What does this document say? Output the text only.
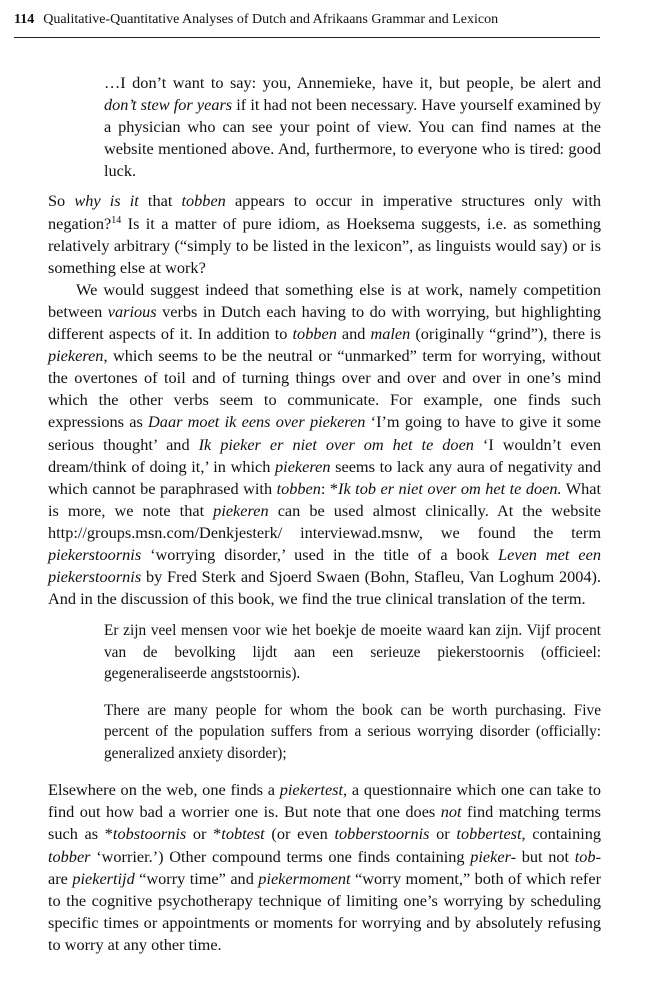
114 Qualitative-Quantitative Analyses of Dutch and Afrikaans Grammar and Lexicon

…I don’t want to say: you, Annemieke, have it, but people, be alert and don’t stew for years if it had not been necessary. Have yourself examined by a physician who can see your point of view. You can find names at the website mentioned above. And, furthermore, to everyone who is tired: good luck.

So why is it that tobben appears to occur in imperative structures only with negation?$^{14}$ Is it a matter of pure idiom, as Hoeksema suggests, i.e. as something relatively arbitrary (“simply to be listed in the lexicon”, as linguists would say) or is something else at work?

We would suggest indeed that something else is at work, namely competition between various verbs in Dutch each having to do with worrying, but highlighting different aspects of it. In addition to tobben and malen (originally “grind”), there is piekeren, which seems to be the neutral or “unmarked” term for worrying, without the overtones of toil and of turning things over and over and over in one’s mind which the other verbs seem to communicate. For example, one finds such expressions as Daar moet ik eens over piekeren ‘I’m going to have to give it some serious thought’ and Ik pieker er niet over om het te doen ‘I wouldn’t even dream/think of doing it,’ in which piekeren seems to lack any aura of negativity and which cannot be paraphrased with tobben: *Ik tob er niet over om het te doen. What is more, we note that piekeren can be used almost clinically. At the website http://groups.msn.com/Denkjesterk/ interviewad.msnw, we found the term piekerstoornis ‘worrying disorder,’ used in the title of a book Leven met een piekerstoornis by Fred Sterk and Sjoerd Swaen (Bohn, Stafleu, Van Loghum 2004). And in the discussion of this book, we find the true clinical translation of the term.

Er zijn veel mensen voor wie het boekje de moeite waard kan zijn. Vijf procent van de bevolking lijdt aan een serieuze piekerstoornis (officieel: gegeneraliseerde angststoornis).

There are many people for whom the book can be worth purchasing. Five percent of the population suffers from a serious worrying disorder (officially: generalized anxiety disorder);

Elsewhere on the web, one finds a piekertest, a questionnaire which one can take to find out how bad a worrier one is. But note that one does not find matching terms such as *tobstoornis or *tobtest (or even tobberstoornis or tobbertest, containing tobber ‘worrier.’) Other compound terms one finds containing pieker- but not tob- are piekertijd “worry time” and piekermoment “worry moment,” both of which refer to the cognitive psychotherapy technique of limiting one’s worrying by scheduling specific times or appointments or moments for worrying and by absolutely refusing to worry at any other time.
